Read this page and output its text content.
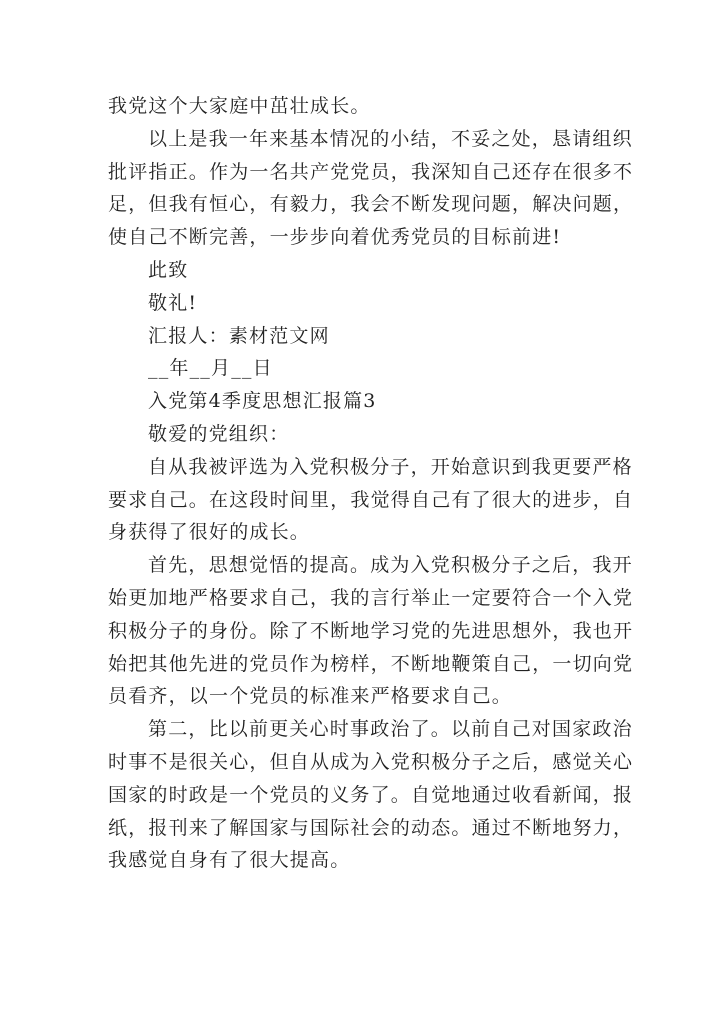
我党这个大家庭中茁壮成长。
以上是我一年来基本情况的小结，不妥之处，恳请组织
批评指正。作为一名共产党党员，我深知自己还存在很多不
足，但我有恒心，有毅力，我会不断发现问题，解决问题，
使自己不断完善，一步步向着优秀党员的目标前进!
此致
敬礼!
汇报人：素材范文网
__年__月__日
入党第4季度思想汇报篇3
敬爱的党组织：
自从我被评选为入党积极分子，开始意识到我更要严格
要求自己。在这段时间里，我觉得自己有了很大的进步，自
身获得了很好的成长。
首先，思想觉悟的提高。成为入党积极分子之后，我开
始更加地严格要求自己，我的言行举止一定要符合一个入党
积极分子的身份。除了不断地学习党的先进思想外，我也开
始把其他先进的党员作为榜样，不断地鞭策自己，一切向党
员看齐，以一个党员的标准来严格要求自己。
第二，比以前更关心时事政治了。以前自己对国家政治
时事不是很关心，但自从成为入党积极分子之后，感觉关心
国家的时政是一个党员的义务了。自觉地通过收看新闻，报
纸，报刊来了解国家与国际社会的动态。通过不断地努力，
我感觉自身有了很大提高。
